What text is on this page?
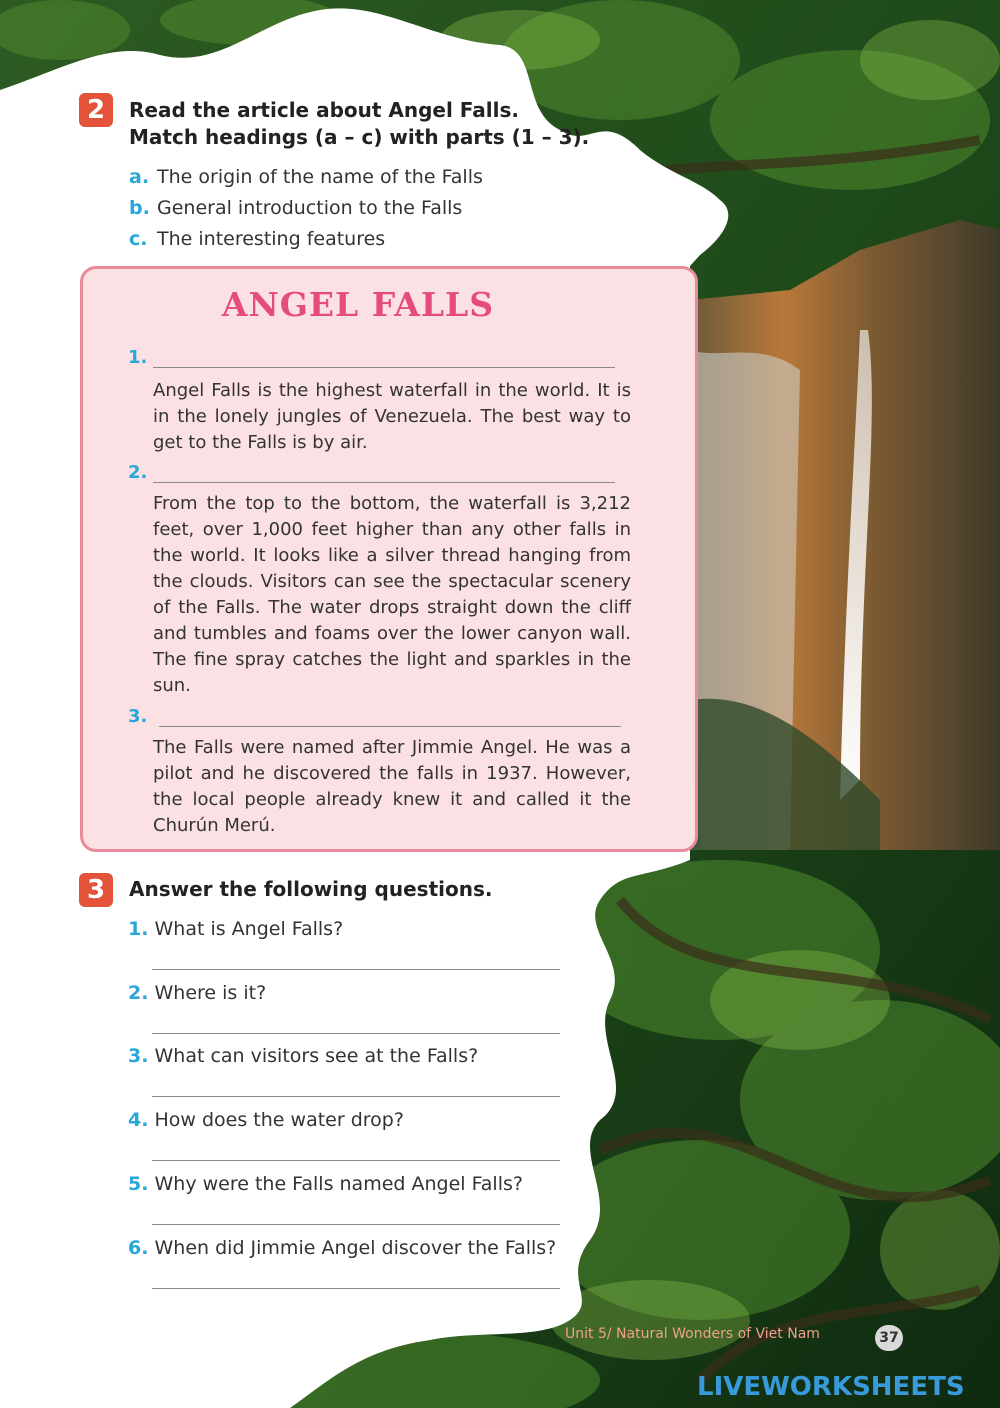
2	Read the article about Angel Falls.
Match headings (a – c) with parts (1 – 3).
a. The origin of the name of the Falls
b. General introduction to the Falls
c. The interesting features
ANGEL FALLS
1.
Angel Falls is the highest waterfall in the world. It is in the lonely jungles of Venezuela. The best way to get to the Falls is by air.
2.
From the top to the bottom, the waterfall is 3,212 feet, over 1,000 feet higher than any other falls in the world. It looks like a silver thread hanging from the clouds. Visitors can see the spectacular scenery of the Falls. The water drops straight down the cliff and tumbles and foams over the lower canyon wall. The fine spray catches the light and sparkles in the sun.
3.
The Falls were named after Jimmie Angel. He was a pilot and he discovered the falls in 1937. However, the local people already knew it and called it the Churún Merú.
3	Answer the following questions.
1. What is Angel Falls?
2. Where is it?
3. What can visitors see at the Falls?
4. How does the water drop?
5. Why were the Falls named Angel Falls?
6. When did Jimmie Angel discover the Falls?
Unit 5/ Natural Wonders of Viet Nam	37
LIVEWORKSHEETS
